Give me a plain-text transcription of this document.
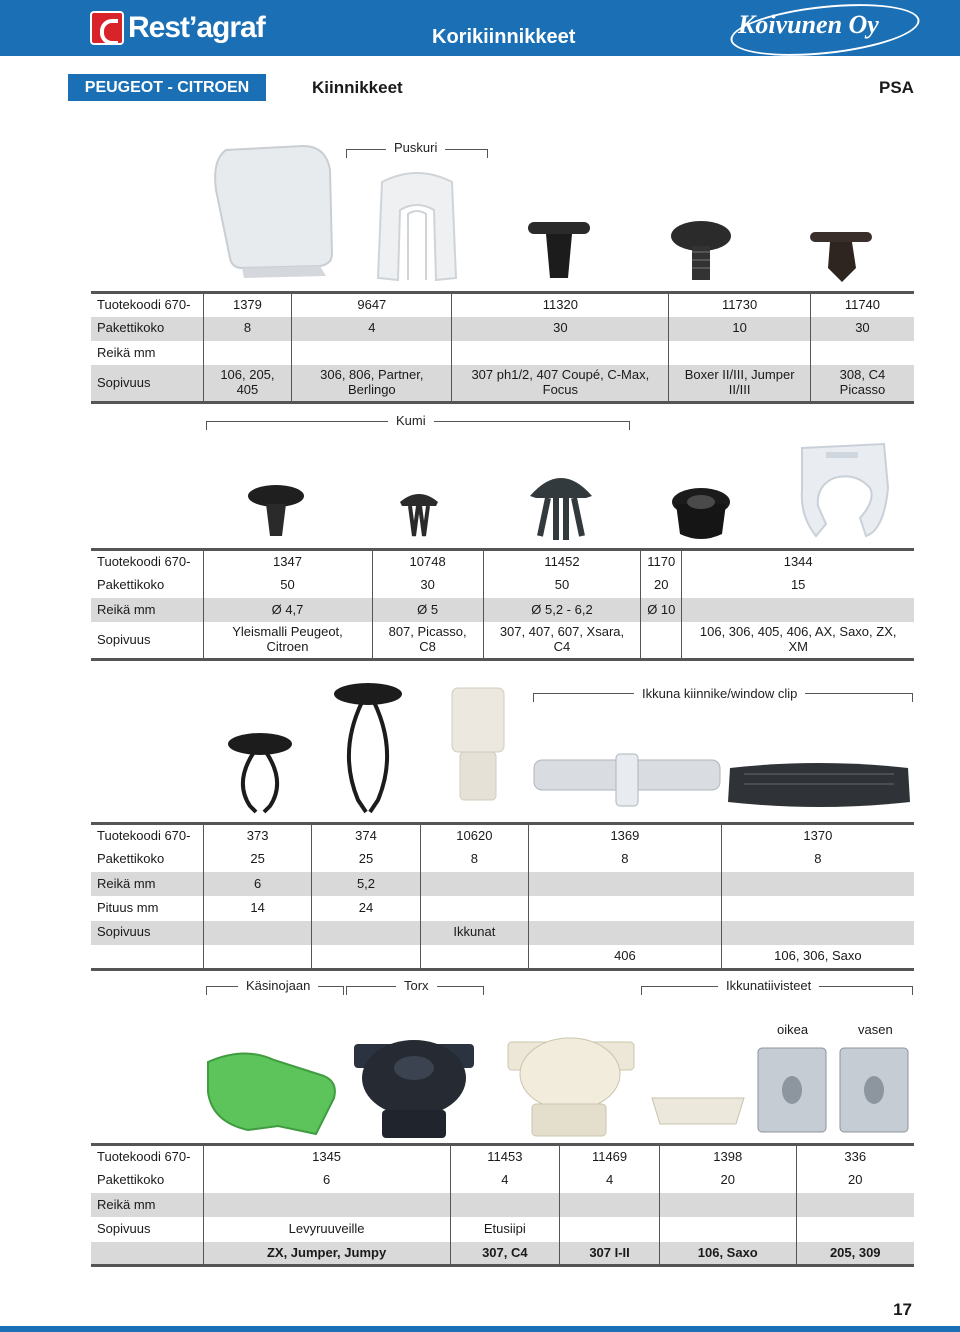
Rest’agraf	Korikiinnikkeet	Koivunen Oy
PEUGEOT - CITROEN	Kiinnikkeet	PSA
Puskuri
Tuotekoodi 670-	1379	9647	11320	11730	11740
Pakettikoko	8	4	30	10	30
Reikä mm					
Sopivuus	106, 205, 405	306, 806, Partner, Berlingo	307 ph1/2, 407 Coupé, C-Max, Focus	Boxer II/III, Jumper II/III	308, C4 Picasso
Kumi
Tuotekoodi 670-	1347	10748	11452	1170	1344
Pakettikoko	50	30	50	20	15
Reikä mm	Ø 4,7	Ø 5	Ø 5,2 - 6,2	Ø 10	
Sopivuus	Yleismalli Peugeot, Citroen	807, Picasso, C8	307, 407, 607, Xsara, C4		106, 306, 405, 406, AX, Saxo, ZX, XM
Ikkuna kiinnike/window clip
Tuotekoodi 670-	373	374	10620	1369	1370
Pakettikoko	25	25	8	8	8
Reikä mm	6	5,2			
Pituus mm	14	24			
Sopivuus			Ikkunat		
				406	106, 306, Saxo
Käsinojaan	Torx	Ikkunatiivisteet
oikea	vasen
Tuotekoodi 670-	1345	11453	11469	1398	336
Pakettikoko	6	4	4	20	20
Reikä mm					
Sopivuus	Levyruuveille	Etusiipi			
	ZX, Jumper, Jumpy	307, C4	307 I-II	106, Saxo	205, 309
17
